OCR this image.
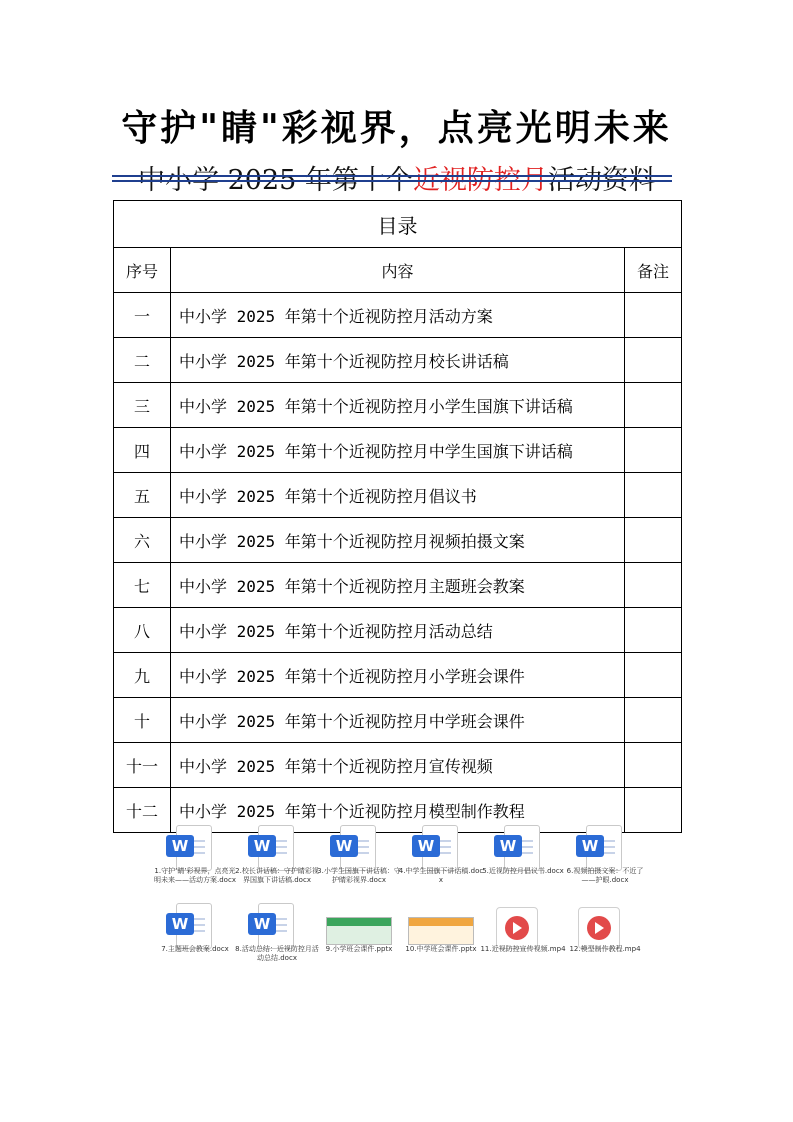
守护"睛"彩视界，点亮光明未来
目录		
序号	内容	备注
一	中小学 2025 年第十个近视防控月活动方案	
二	中小学 2025 年第十个近视防控月校长讲话稿	
三	中小学 2025 年第十个近视防控月小学生国旗下讲话稿	
四	中小学 2025 年第十个近视防控月中学生国旗下讲话稿	
五	中小学 2025 年第十个近视防控月倡议书	
六	中小学 2025 年第十个近视防控月视频拍摄文案	
七	中小学 2025 年第十个近视防控月主题班会教案	
八	中小学 2025 年第十个近视防控月活动总结	
九	中小学 2025 年第十个近视防控月小学班会课件	
十	中小学 2025 年第十个近视防控月中学班会课件	
十一	中小学 2025 年第十个近视防控月宣传视频	
十二	中小学 2025 年第十个近视防控月模型制作教程	
W
1.守护‘睛’彩视界，点亮光明未来——活动方案.docx
W
2.校长讲话稿：守护睛彩视界国旗下讲话稿.docx
W
3.小学生国旗下讲话稿：守护睛彩视界.docx
W
4.中学生国旗下讲话稿.docx
W
5.近视防控月倡议书.docx
W
6.视频拍摄文案：不近了——护眼.docx
W
7.主题班会教案.docx
W
8.活动总结：近视防控月活动总结.docx
9.小学班会课件.pptx	10.中学班会课件.pptx 11.近视防控宣传视频.mp4 12.模型制作教程.mp4
